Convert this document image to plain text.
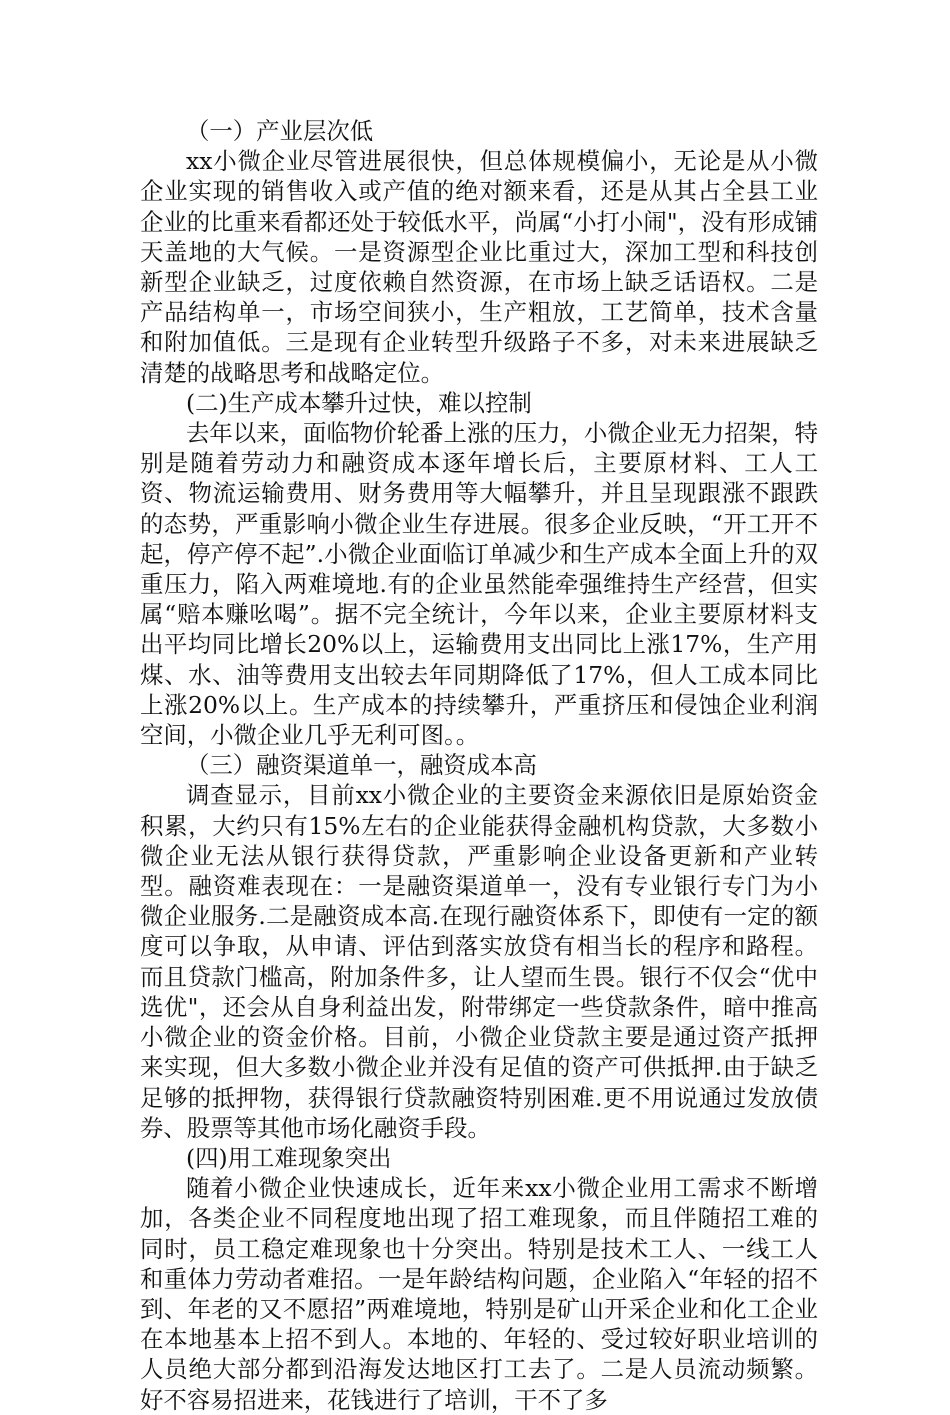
（一）产业层次低

xx小微企业尽管进展很快，但总体规模偏小，无论是从小微企业实现的销售收入或产值的绝对额来看，还是从其占全县工业企业的比重来看都还处于较低水平，尚属“小打小闹"，没有形成铺天盖地的大气候。一是资源型企业比重过大，深加工型和科技创新型企业缺乏，过度依赖自然资源，在市场上缺乏话语权。二是产品结构单一，市场空间狭小，生产粗放，工艺简单，技术含量和附加值低。三是现有企业转型升级路子不多，对未来进展缺乏清楚的战略思考和战略定位。

(二)生产成本攀升过快，难以控制

去年以来，面临物价轮番上涨的压力，小微企业无力招架，特别是随着劳动力和融资成本逐年增长后，主要原材料、工人工资、物流运输费用、财务费用等大幅攀升，并且呈现跟涨不跟跌的态势，严重影响小微企业生存进展。很多企业反映，“开工开不起，停产停不起”.小微企业面临订单减少和生产成本全面上升的双重压力，陷入两难境地.有的企业虽然能牵强维持生产经营，但实属“赔本赚吆喝”。据不完全统计，今年以来，企业主要原材料支出平均同比增长20%以上，运输费用支出同比上涨17%，生产用煤、水、油等费用支出较去年同期降低了17%，但人工成本同比上涨20%以上。生产成本的持续攀升，严重挤压和侵蚀企业利润空间，小微企业几乎无利可图。。

（三）融资渠道单一，融资成本高

调查显示，目前xx小微企业的主要资金来源依旧是原始资金积累，大约只有15%左右的企业能获得金融机构贷款，大多数小微企业无法从银行获得贷款，严重影响企业设备更新和产业转型。融资难表现在：一是融资渠道单一，没有专业银行专门为小微企业服务.二是融资成本高.在现行融资体系下，即使有一定的额度可以争取，从申请、评估到落实放贷有相当长的程序和路程。而且贷款门槛高，附加条件多，让人望而生畏。银行不仅会“优中选优"，还会从自身利益出发，附带绑定一些贷款条件，暗中推高小微企业的资金价格。目前，小微企业贷款主要是通过资产抵押来实现，但大多数小微企业并没有足值的资产可供抵押.由于缺乏足够的抵押物，获得银行贷款融资特别困难.更不用说通过发放债券、股票等其他市场化融资手段。

(四)用工难现象突出

随着小微企业快速成长，近年来xx小微企业用工需求不断增加，各类企业不同程度地出现了招工难现象，而且伴随招工难的同时，员工稳定难现象也十分突出。特别是技术工人、一线工人和重体力劳动者难招。一是年龄结构问题，企业陷入“年轻的招不到、年老的又不愿招”两难境地，特别是矿山开采企业和化工企业在本地基本上招不到人。本地的、年轻的、受过较好职业培训的人员绝大部分都到沿海发达地区打工去了。二是人员流动频繁。好不容易招进来，花钱进行了培训，干不了多
